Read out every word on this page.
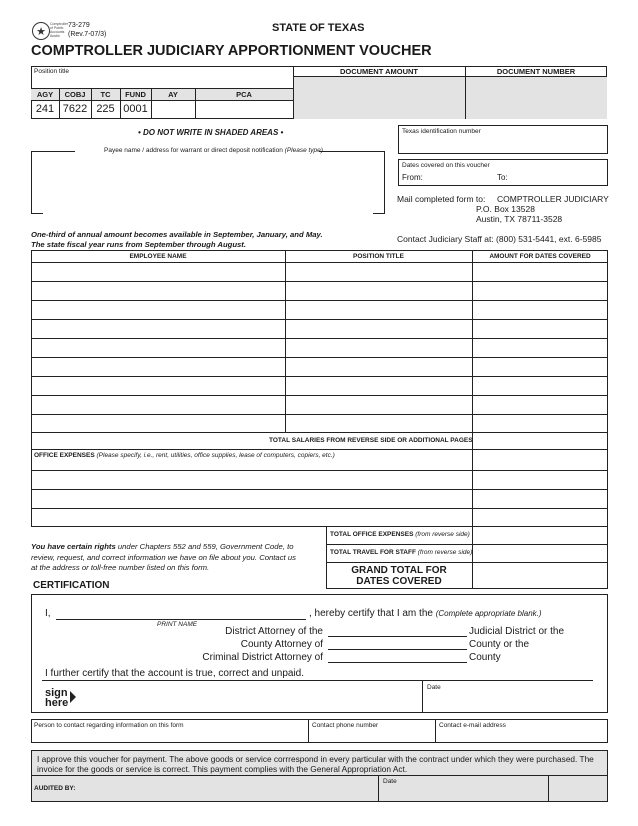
★
Comptroller of Public Accounts Austin
73-279
(Rev.7-07/3)
STATE OF TEXAS
COMPTROLLER JUDICIARY APPORTIONMENT VOUCHER
Position title	DOCUMENT AMOUNT	DOCUMENT NUMBER
AGY	COBJ	TC	FUND	AY	PCA
241 7622 225 0001
• DO NOT WRITE IN SHADED AREAS •
Payee name / address for warrant or direct deposit notification (Please type)
Texas identification number
Dates covered on this voucher
From:	To:
Mail completed form to: COMPTROLLER JUDICIARY
P.O. Box 13528
Austin, TX 78711-3528
One-third of annual amount becomes available in September, January, and May.
The state fiscal year runs from September through August.
Contact Judiciary Staff at: (800) 531-5441, ext. 6-5985
EMPLOYEE NAME	POSITION TITLE	AMOUNT FOR DATES COVERED
TOTAL SALARIES FROM REVERSE SIDE OR ADDITIONAL PAGES
OFFICE EXPENSES (Please specify, i.e., rent, utilities, office supplies, lease of computers, copiers, etc.)
TOTAL OFFICE EXPENSES (from reverse side)
TOTAL TRAVEL FOR STAFF (from reverse side)
GRAND TOTAL FOR
DATES COVERED
You have certain rights under Chapters 552 and 559, Government Code, to review, request, and correct information we have on file about you. Contact us at the address or toll-free number listed on this form.
CERTIFICATION
I,	, hereby certify that I am the (Complete appropriate blank.)
PRINT NAME
District Attorney of the
County Attorney of
Criminal District Attorney of
Judicial District or the
County or the
County
I further certify that the account is true, correct and unpaid.
sign
here
Date
Person to contact regarding information on this form	Contact phone number	Contact e-mail address
I approve this voucher for payment. The above goods or service corrrespond in every particular with the contract under which they were purchased. The invoice for the goods or service is correct. This payment complies with the General Appropriation Act.
AUDITED BY:
Date
